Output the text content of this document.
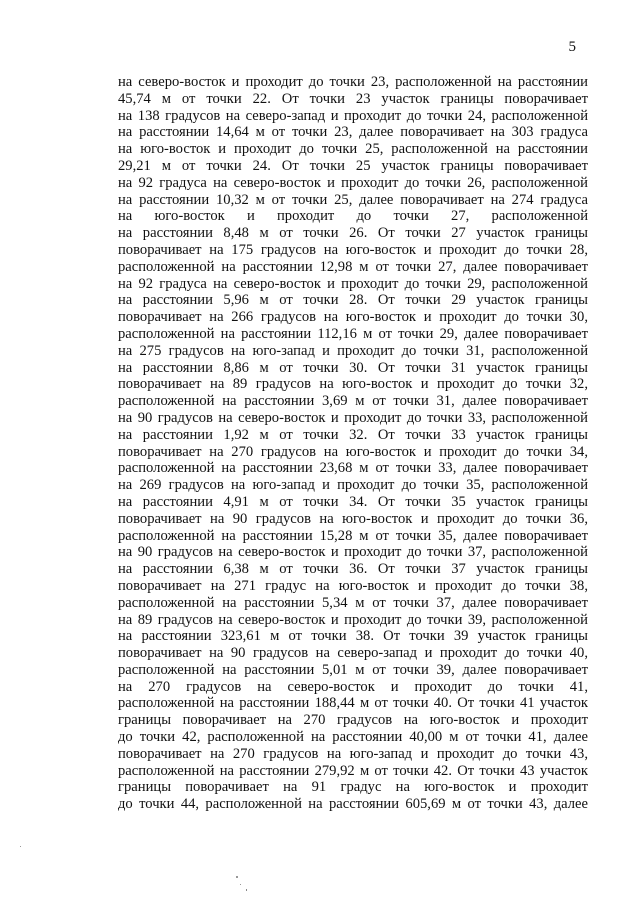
5
на северо-восток и проходит до точки 23, расположенной на расстоянии
45,74 м от точки 22. От точки 23 участок границы поворачивает
на 138 градусов на северо-запад и проходит до точки 24, расположенной
на расстоянии 14,64 м от точки 23, далее поворачивает на 303 градуса
на юго-восток и проходит до точки 25, расположенной на расстоянии
29,21 м от точки 24. От точки 25 участок границы поворачивает
на 92 градуса на северо-восток и проходит до точки 26, расположенной
на расстоянии 10,32 м от точки 25, далее поворачивает на 274 градуса
на юго-восток и проходит до точки 27, расположенной
на расстоянии 8,48 м от точки 26. От точки 27 участок границы
поворачивает на 175 градусов на юго-восток и проходит до точки 28,
расположенной на расстоянии 12,98 м от точки 27, далее поворачивает
на 92 градуса на северо-восток и проходит до точки 29, расположенной
на расстоянии 5,96 м от точки 28. От точки 29 участок границы
поворачивает на 266 градусов на юго-восток и проходит до точки 30,
расположенной на расстоянии 112,16 м от точки 29, далее поворачивает
на 275 градусов на юго-запад и проходит до точки 31, расположенной
на расстоянии 8,86 м от точки 30. От точки 31 участок границы
поворачивает на 89 градусов на юго-восток и проходит до точки 32,
расположенной на расстоянии 3,69 м от точки 31, далее поворачивает
на 90 градусов на северо-восток и проходит до точки 33, расположенной
на расстоянии 1,92 м от точки 32. От точки 33 участок границы
поворачивает на 270 градусов на юго-восток и проходит до точки 34,
расположенной на расстоянии 23,68 м от точки 33, далее поворачивает
на 269 градусов на юго-запад и проходит до точки 35, расположенной
на расстоянии 4,91 м от точки 34. От точки 35 участок границы
поворачивает на 90 градусов на юго-восток и проходит до точки 36,
расположенной на расстоянии 15,28 м от точки 35, далее поворачивает
на 90 градусов на северо-восток и проходит до точки 37, расположенной
на расстоянии 6,38 м от точки 36. От точки 37 участок границы
поворачивает на 271 градус на юго-восток и проходит до точки 38,
расположенной на расстоянии 5,34 м от точки 37, далее поворачивает
на 89 градусов на северо-восток и проходит до точки 39, расположенной
на расстоянии 323,61 м от точки 38. От точки 39 участок границы
поворачивает на 90 градусов на северо-запад и проходит до точки 40,
расположенной на расстоянии 5,01 м от точки 39, далее поворачивает
на 270 градусов на северо-восток и проходит до точки 41,
расположенной на расстоянии 188,44 м от точки 40. От точки 41 участок
границы поворачивает на 270 градусов на юго-восток и проходит
до точки 42, расположенной на расстоянии 40,00 м от точки 41, далее
поворачивает на 270 градусов на юго-запад и проходит до точки 43,
расположенной на расстоянии 279,92 м от точки 42. От точки 43 участок
границы поворачивает на 91 градус на юго-восток и проходит
до точки 44, расположенной на расстоянии 605,69 м от точки 43, далее
